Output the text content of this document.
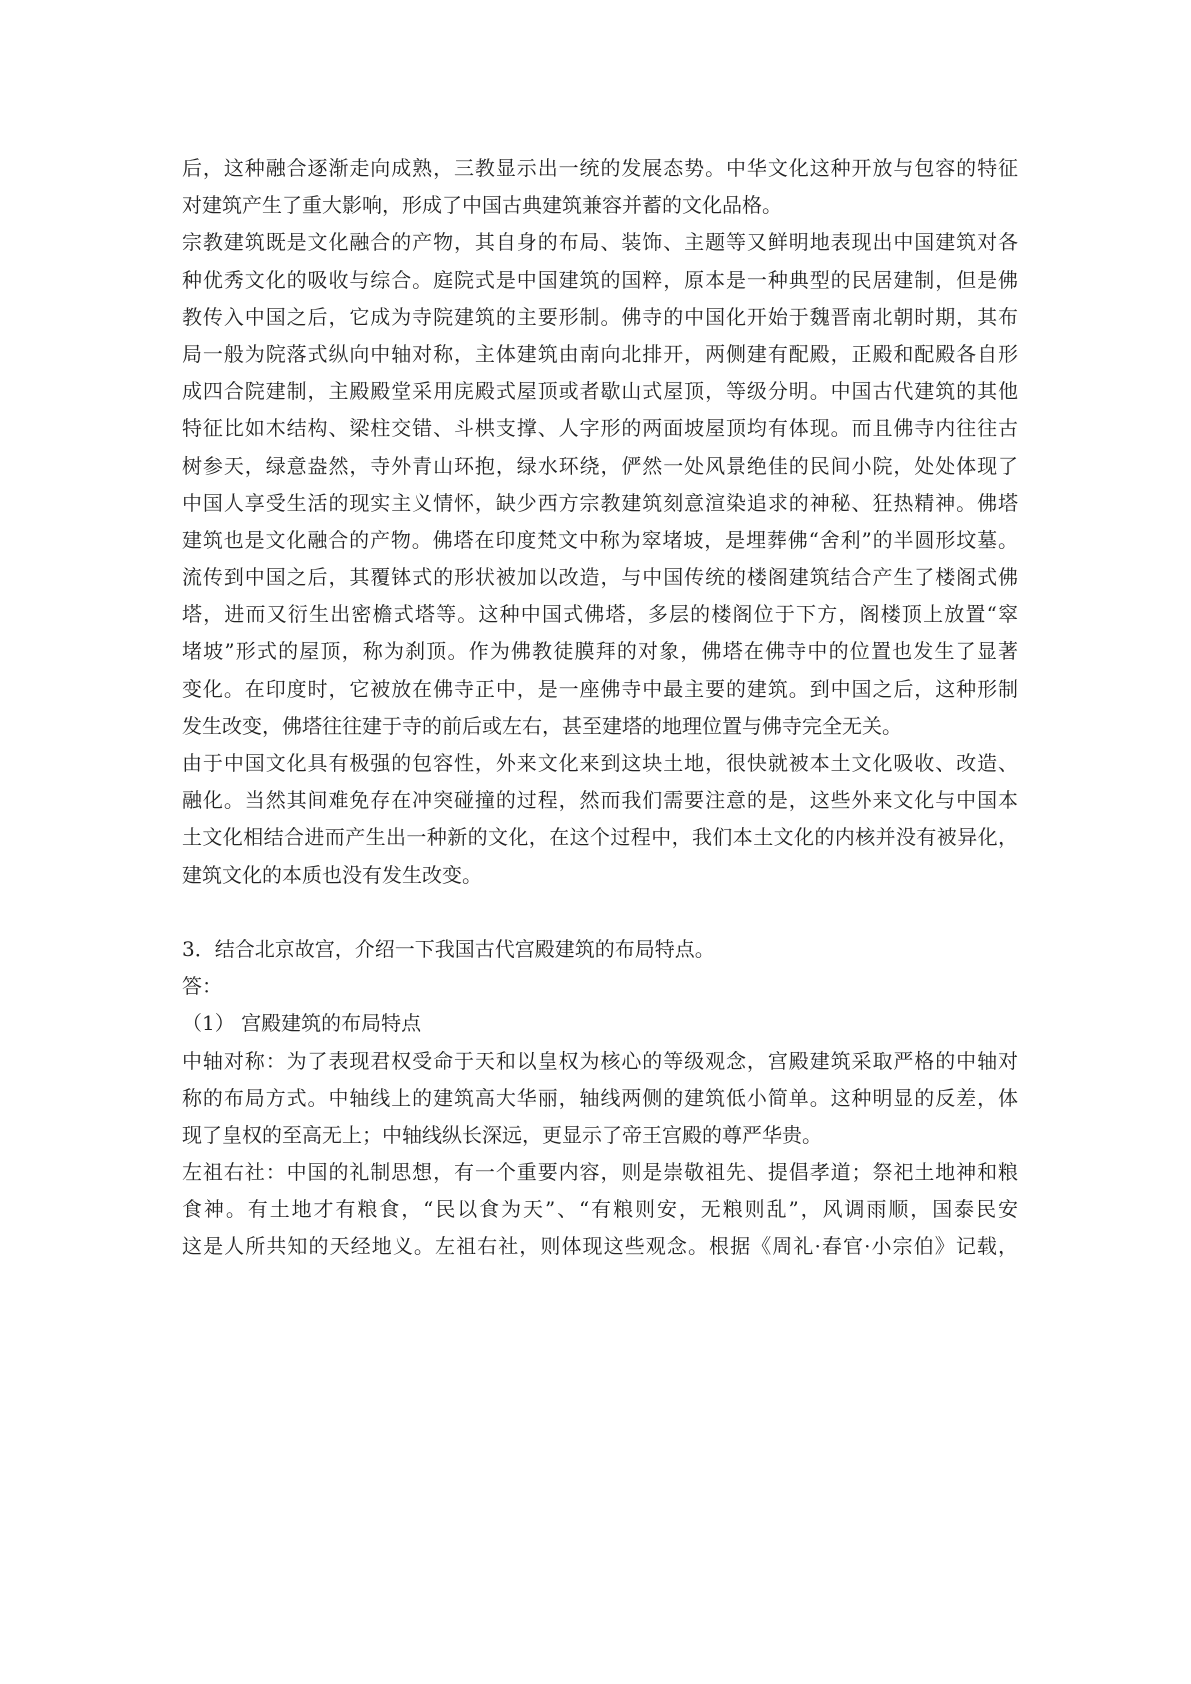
后，这种融合逐渐走向成熟，三教显示出一统的发展态势。中华文化这种开放与包容的特征
对建筑产生了重大影响，形成了中国古典建筑兼容并蓄的文化品格。
宗教建筑既是文化融合的产物，其自身的布局、装饰、主题等又鲜明地表现出中国建筑对各
种优秀文化的吸收与综合。庭院式是中国建筑的国粹，原本是一种典型的民居建制，但是佛
教传入中国之后，它成为寺院建筑的主要形制。佛寺的中国化开始于魏晋南北朝时期，其布
局一般为院落式纵向中轴对称，主体建筑由南向北排开，两侧建有配殿，正殿和配殿各自形
成四合院建制，主殿殿堂采用庑殿式屋顶或者歇山式屋顶，等级分明。中国古代建筑的其他
特征比如木结构、梁柱交错、斗栱支撑、人字形的两面坡屋顶均有体现。而且佛寺内往往古
树参天，绿意盎然，寺外青山环抱，绿水环绕，俨然一处风景绝佳的民间小院，处处体现了
中国人享受生活的现实主义情怀，缺少西方宗教建筑刻意渲染追求的神秘、狂热精神。佛塔
建筑也是文化融合的产物。佛塔在印度梵文中称为窣堵坡，是埋葬佛“舍利”的半圆形坟墓。
流传到中国之后，其覆钵式的形状被加以改造，与中国传统的楼阁建筑结合产生了楼阁式佛
塔，进而又衍生出密檐式塔等。这种中国式佛塔，多层的楼阁位于下方，阁楼顶上放置“窣
堵坡”形式的屋顶，称为刹顶。作为佛教徒膜拜的对象，佛塔在佛寺中的位置也发生了显著
变化。在印度时，它被放在佛寺正中，是一座佛寺中最主要的建筑。到中国之后，这种形制
发生改变，佛塔往往建于寺的前后或左右，甚至建塔的地理位置与佛寺完全无关。
由于中国文化具有极强的包容性，外来文化来到这块土地，很快就被本土文化吸收、改造、
融化。当然其间难免存在冲突碰撞的过程，然而我们需要注意的是，这些外来文化与中国本
土文化相结合进而产生出一种新的文化，在这个过程中，我们本土文化的内核并没有被异化，
建筑文化的本质也没有发生改变。
3．结合北京故宫，介绍一下我国古代宫殿建筑的布局特点。
答：
（1） 宫殿建筑的布局特点
中轴对称：为了表现君权受命于天和以皇权为核心的等级观念，宫殿建筑采取严格的中轴对
称的布局方式。中轴线上的建筑高大华丽，轴线两侧的建筑低小简单。这种明显的反差，体
现了皇权的至高无上；中轴线纵长深远，更显示了帝王宫殿的尊严华贵。
左祖右社：中国的礼制思想，有一个重要内容，则是崇敬祖先、提倡孝道；祭祀土地神和粮
食神。有土地才有粮食，“民以食为天”、“有粮则安，无粮则乱”，风调雨顺，国泰民安
这是人所共知的天经地义。左祖右社，则体现这些观念。根据《周礼·春官·小宗伯》记载，
